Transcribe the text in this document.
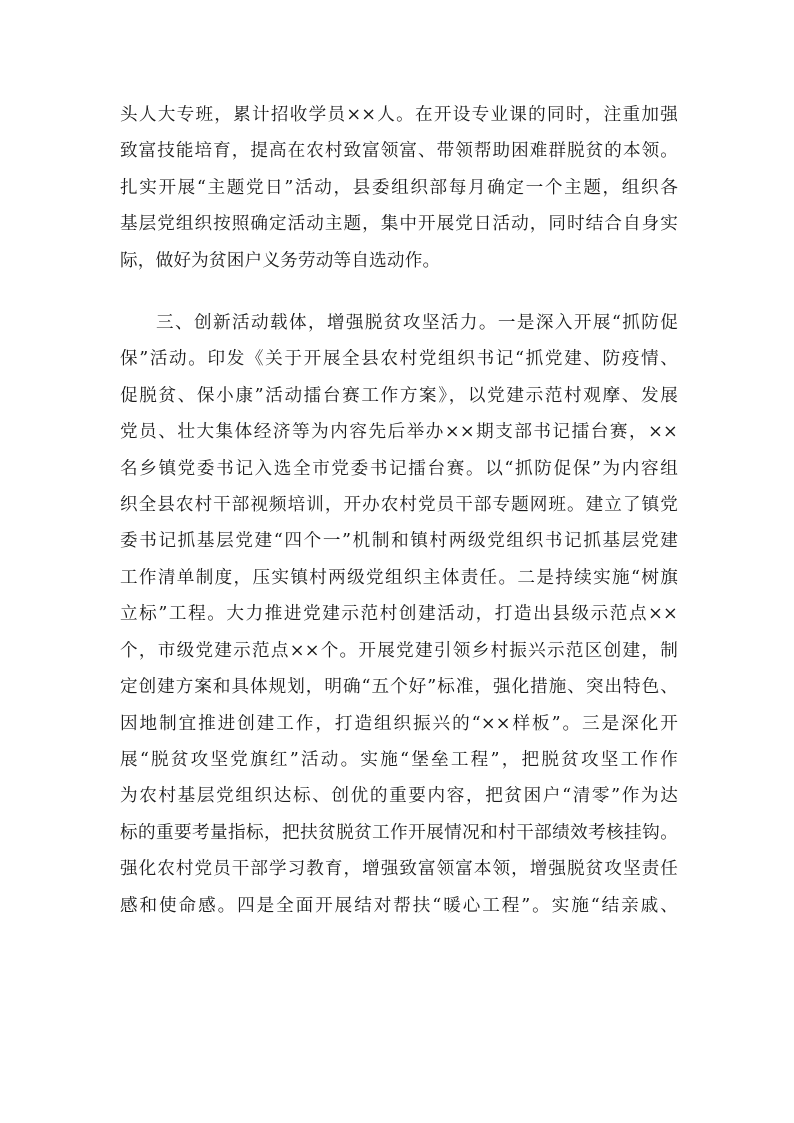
头人大专班，累计招收学员××人。在开设专业课的同时，注重加强

致富技能培育，提高在农村致富领富、带领帮助困难群脱贫的本领。

扎实开展“主题党日”活动，县委组织部每月确定一个主题，组织各

基层党组织按照确定活动主题，集中开展党日活动，同时结合自身实

际，做好为贫困户义务劳动等自选动作。

三、创新活动载体，增强脱贫攻坚活力。一是深入开展“抓防促

保”活动。印发《关于开展全县农村党组织书记“抓党建、防疫情、

促脱贫、保小康”活动擂台赛工作方案》，以党建示范村观摩、发展

党员、壮大集体经济等为内容先后举办××期支部书记擂台赛，××

名乡镇党委书记入选全市党委书记擂台赛。以“抓防促保”为内容组

织全县农村干部视频培训，开办农村党员干部专题网班。建立了镇党

委书记抓基层党建“四个一”机制和镇村两级党组织书记抓基层党建

工作清单制度，压实镇村两级党组织主体责任。二是持续实施“树旗

立标”工程。大力推进党建示范村创建活动，打造出县级示范点××

个，市级党建示范点××个。开展党建引领乡村振兴示范区创建，制

定创建方案和具体规划，明确“五个好”标准，强化措施、突出特色、

因地制宜推进创建工作，打造组织振兴的“××样板”。三是深化开

展“脱贫攻坚党旗红”活动。实施“堡垒工程”，把脱贫攻坚工作作

为农村基层党组织达标、创优的重要内容，把贫困户“清零”作为达

标的重要考量指标，把扶贫脱贫工作开展情况和村干部绩效考核挂钩。

强化农村党员干部学习教育，增强致富领富本领，增强脱贫攻坚责任

感和使命感。四是全面开展结对帮扶“暖心工程”。实施“结亲戚、
